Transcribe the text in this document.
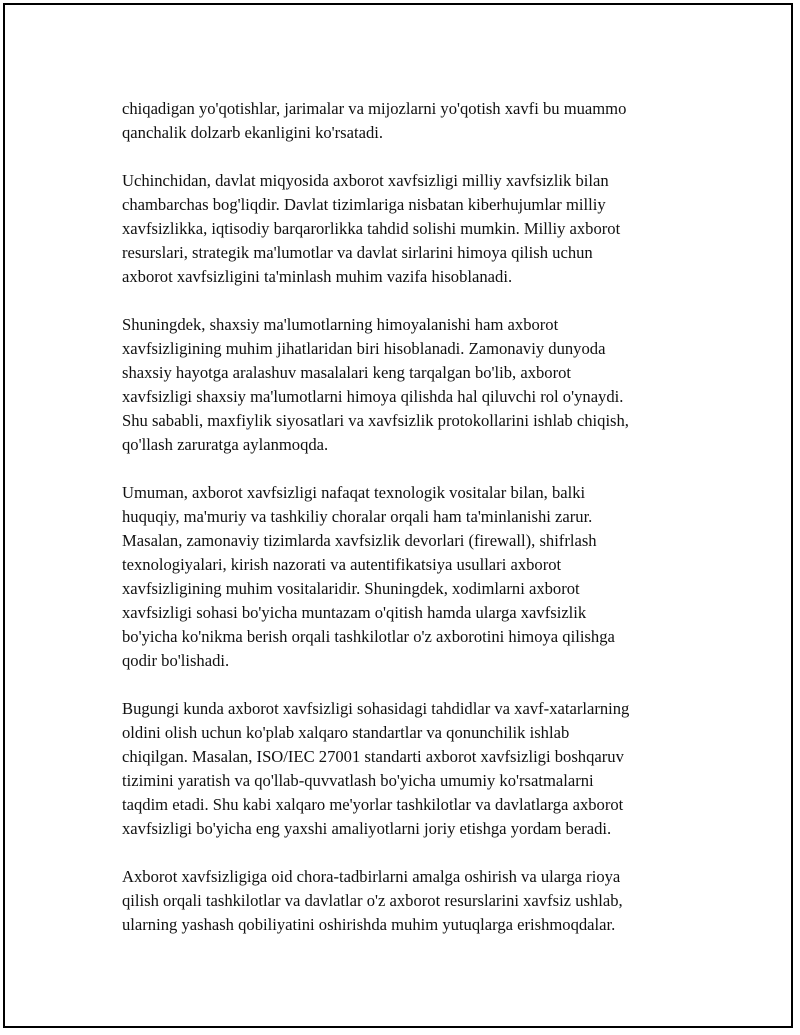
chiqadigan yo'qotishlar, jarimalar va mijozlarni yo'qotish xavfi bu muammo
qanchalik dolzarb ekanligini ko'rsatadi.

Uchinchidan, davlat miqyosida axborot xavfsizligi milliy xavfsizlik bilan
chambarchas bog'liqdir. Davlat tizimlariga nisbatan kiberhujumlar milliy
xavfsizlikka, iqtisodiy barqarorlikka tahdid solishi mumkin. Milliy axborot
resurslari, strategik ma'lumotlar va davlat sirlarini himoya qilish uchun
axborot xavfsizligini ta'minlash muhim vazifa hisoblanadi.

Shuningdek, shaxsiy ma'lumotlarning himoyalanishi ham axborot
xavfsizligining muhim jihatlaridan biri hisoblanadi. Zamonaviy dunyoda
shaxsiy hayotga aralashuv masalalari keng tarqalgan bo'lib, axborot
xavfsizligi shaxsiy ma'lumotlarni himoya qilishda hal qiluvchi rol o'ynaydi.
Shu sababli, maxfiylik siyosatlari va xavfsizlik protokollarini ishlab chiqish,
qo'llash zaruratga aylanmoqda.

Umuman, axborot xavfsizligi nafaqat texnologik vositalar bilan, balki
huquqiy, ma'muriy va tashkiliy choralar orqali ham ta'minlanishi zarur.
Masalan, zamonaviy tizimlarda xavfsizlik devorlari (firewall), shifrlash
texnologiyalari, kirish nazorati va autentifikatsiya usullari axborot
xavfsizligining muhim vositalaridir. Shuningdek, xodimlarni axborot
xavfsizligi sohasi bo'yicha muntazam o'qitish hamda ularga xavfsizlik
bo'yicha ko'nikma berish orqali tashkilotlar o'z axborotini himoya qilishga
qodir bo'lishadi.

Bugungi kunda axborot xavfsizligi sohasidagi tahdidlar va xavf-xatarlarning
oldini olish uchun ko'plab xalqaro standartlar va qonunchilik ishlab
chiqilgan. Masalan, ISO/IEC 27001 standarti axborot xavfsizligi boshqaruv
tizimini yaratish va qo'llab-quvvatlash bo'yicha umumiy ko'rsatmalarni
taqdim etadi. Shu kabi xalqaro me'yorlar tashkilotlar va davlatlarga axborot
xavfsizligi bo'yicha eng yaxshi amaliyotlarni joriy etishga yordam beradi.

Axborot xavfsizligiga oid chora-tadbirlarni amalga oshirish va ularga rioya
qilish orqali tashkilotlar va davlatlar o'z axborot resurslarini xavfsiz ushlab,
ularning yashash qobiliyatini oshirishda muhim yutuqlarga erishmoqdalar.
